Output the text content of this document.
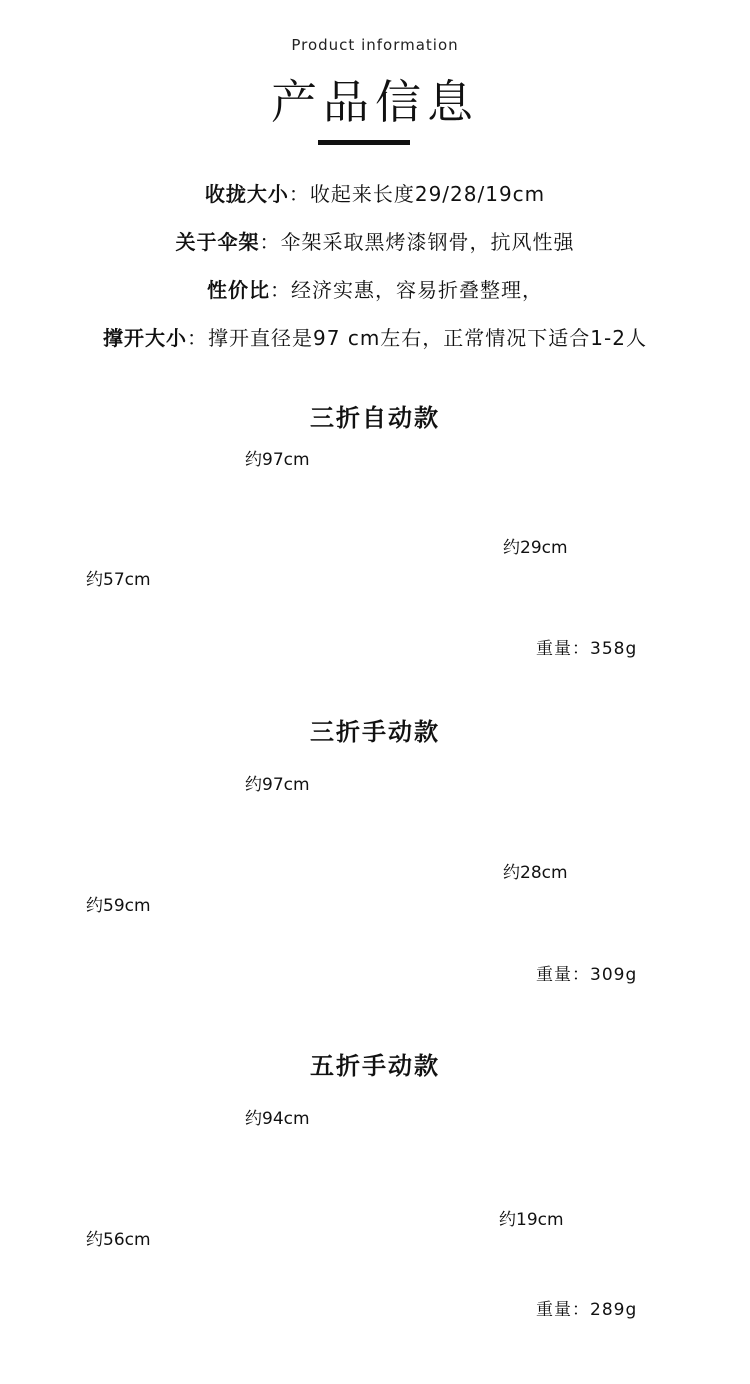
Product information
产品信息
收拢大小：收起来长度29/28/19cm
关于伞架：伞架采取黑烤漆钢骨，抗风性强
性价比：经济实惠，容易折叠整理，
撑开大小：撑开直径是97 cm左右，正常情况下适合1-2人
三折自动款
三折手动款
五折手动款
约97cm
约57cm
约29cm
重量：358g
约97cm
约59cm
约28cm
重量：309g
约94cm
约56cm
约19cm
重量：289g
